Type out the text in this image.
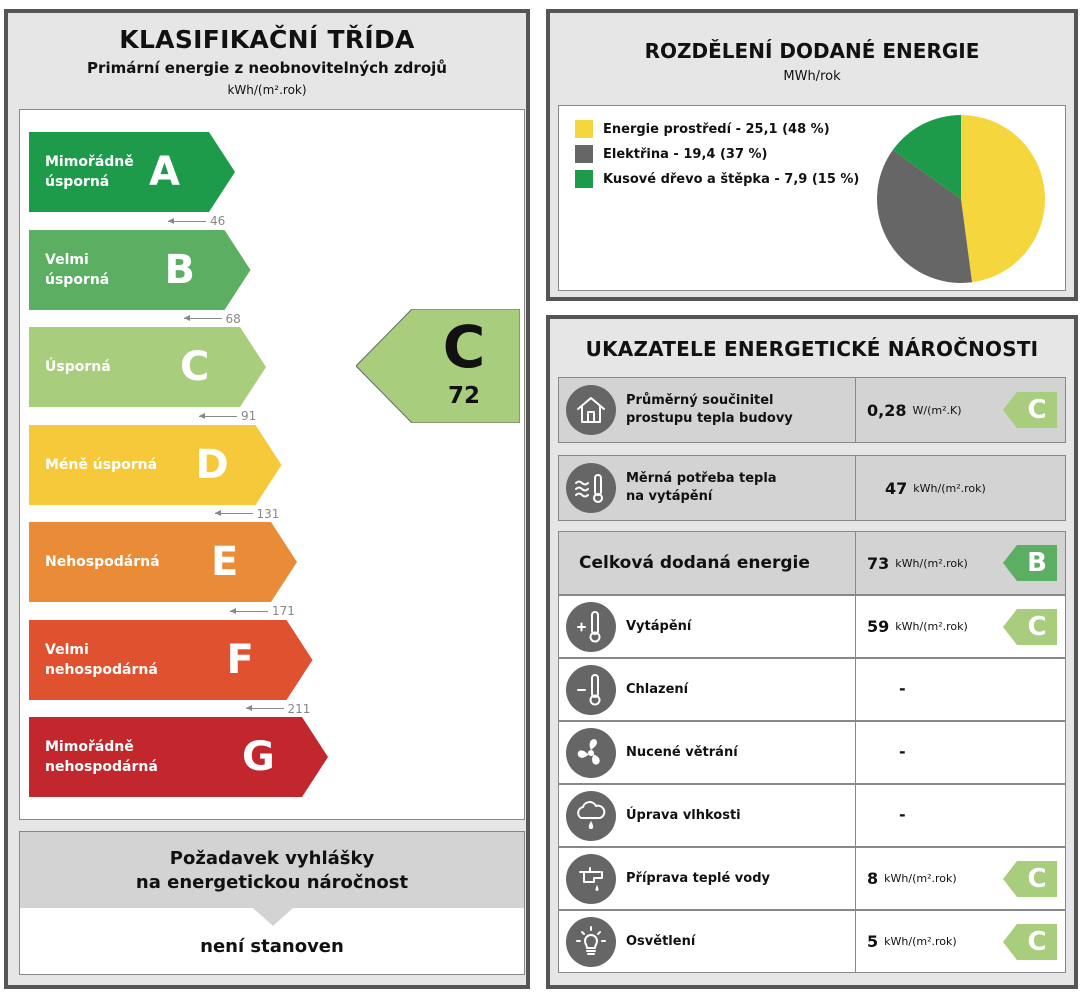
KLASIFIKAČNÍ TŘÍDA
Primární energie z neobnovitelných zdrojů
kWh/(m².rok)
Mimořádně
úsporná A
46
Velmi
úsporná B
68
Úsporná C
91
Méně úsporná D
131
Nehospodárná E
171
Velmi
nehospodárná F
211
Mimořádně
nehospodárná G
C
72
Požadavek vyhlášky
na energetickou náročnost
není stanoven
ROZDĚLENÍ DODANÉ ENERGIE
MWh/rok
Energie prostředí - 25,1 (48 %)
Elektřina - 19,4 (37 %)
Kusové dřevo a štěpka - 7,9 (15 %)
UKAZATELE ENERGETICKÉ NÁROČNOSTI
Průměrný součinitel
prostupu tepla budovy	0,28 W/(m².K)	C
Měrná potřeba tepla
na vytápění	47 kWh/(m².rok)
Celková dodaná energie	73 kWh/(m².rok)	B
Vytápění	59 kWh/(m².rok)	C
Chlazení	-
Nucené větrání	-
Úprava vlhkosti	-
Příprava teplé vody	8 kWh/(m².rok)	C
Osvětlení	5 kWh/(m².rok)	C
